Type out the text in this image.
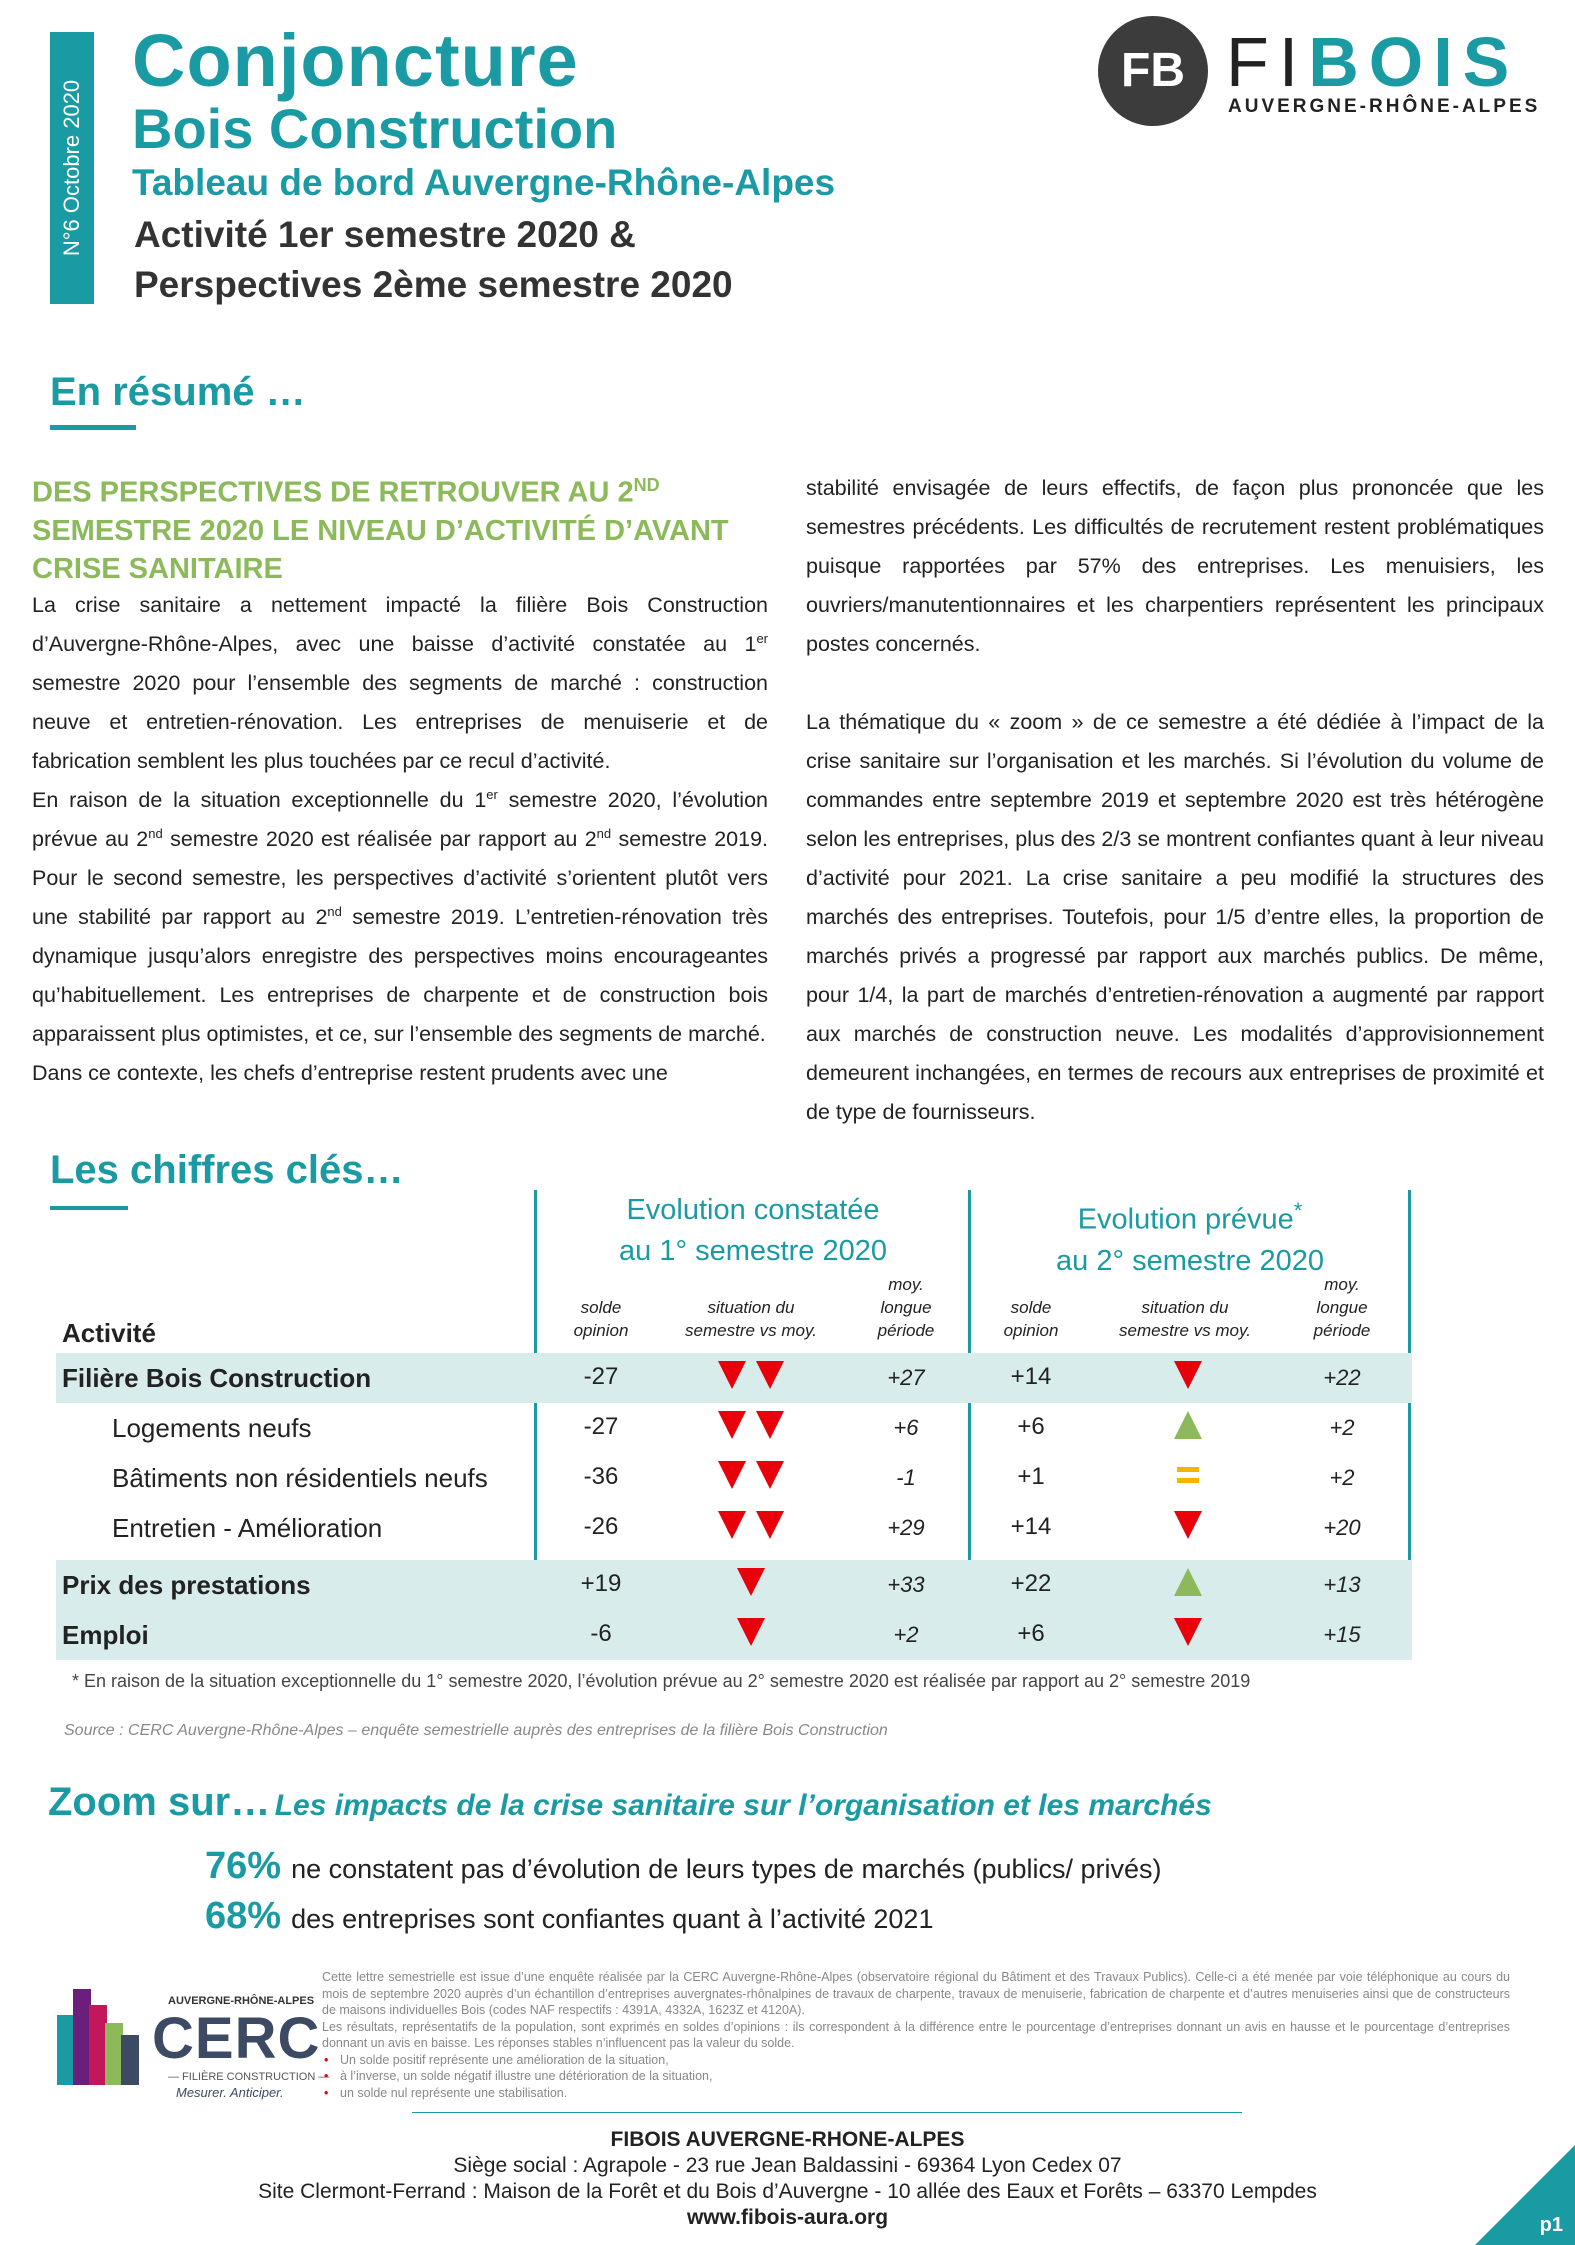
N°6 Octobre 2020
Conjoncture
Bois Construction
Tableau de bord Auvergne-Rhône-Alpes
Activité 1er semestre 2020 &
Perspectives 2ème semestre 2020
FB FIBOIS
AUVERGNE-RHÔNE-ALPES
En résumé …
DES PERSPECTIVES DE RETROUVER AU 2ND
SEMESTRE 2020 LE NIVEAU D’ACTIVITÉ D’AVANT CRISE SANITAIRE

La crise sanitaire a nettement impacté la filière Bois Construction d’Auvergne-Rhône-Alpes, avec une baisse d’activité constatée au 1er semestre 2020 pour l’ensemble des segments de marché : construction neuve et entretien-rénovation. Les entreprises de menuiserie et de fabrication semblent les plus touchées par ce recul d’activité.

En raison de la situation exceptionnelle du 1er semestre 2020, l’évolution prévue au 2nd semestre 2020 est réalisée par rapport au 2nd semestre 2019. Pour le second semestre, les perspectives d’activité s’orientent plutôt vers une stabilité par rapport au 2nd semestre 2019. L’entretien-rénovation très dynamique jusqu’alors enregistre des perspectives moins encourageantes qu’habituellement. Les entreprises de charpente et de construction bois apparaissent plus optimistes, et ce, sur l’ensemble des segments de marché.

Dans ce contexte, les chefs d’entreprise restent prudents avec une

stabilité envisagée de leurs effectifs, de façon plus prononcée que les semestres précédents. Les difficultés de recrutement restent problématiques puisque rapportées par 57% des entreprises. Les menuisiers, les ouvriers/manutentionnaires et les charpentiers représentent les principaux postes concernés.

La thématique du « zoom » de ce semestre a été dédiée à l’impact de la crise sanitaire sur l’organisation et les marchés. Si l’évolution du volume de commandes entre septembre 2019 et septembre 2020 est très hétérogène selon les entreprises, plus des 2/3 se montrent confiantes quant à leur niveau d’activité pour 2021. La crise sanitaire a peu modifié la structures des marchés des entreprises. Toutefois, pour 1/5 d’entre elles, la proportion de marchés privés a progressé par rapport aux marchés publics. De même, pour 1/4, la part de marchés d’entretien-rénovation a augmenté par rapport aux marchés de construction neuve. Les modalités d’approvisionnement demeurent inchangées, en termes de recours aux entreprises de proximité et de type de fournisseurs.

Les chiffres clés…
Evolution constatée
au 1° semestre 2020
Evolution prévue*
au 2° semestre 2020
solde
opinion
situation du
semestre vs moy.
moy.
longue
période
solde
opinion
situation du
semestre vs moy.
moy.
longue
période
Activité
Filière Bois Construction	-27	+27	+14	+22
Logements neufs	-27	+6	+6	+2
Bâtiments non résidentiels neufs	-36	-1	+1	+2
Entretien - Amélioration	-26	+29	+14	+20
Prix des prestations	+19	+33	+22	+13
Emploi	-6	+2	+6	+15
* En raison de la situation exceptionnelle du 1° semestre 2020, l’évolution prévue au 2° semestre 2020 est réalisée par rapport au 2° semestre 2019
Source : CERC Auvergne-Rhône-Alpes – enquête semestrielle auprès des entreprises de la filière Bois Construction
Zoom sur… Les impacts de la crise sanitaire sur l’organisation et les marchés
76% ne constatent pas d’évolution de leurs types de marchés (publics/ privés)
68% des entreprises sont confiantes quant à l’activité 2021
AUVERGNE-RHÔNE-ALPES
CERC
— FILIÈRE CONSTRUCTION —
Mesurer. Anticiper.

Cette lettre semestrielle est issue d’une enquête réalisée par la CERC Auvergne-Rhône-Alpes (observatoire régional du Bâtiment et des Travaux Publics). Celle-ci a été menée par voie téléphonique au cours du mois de septembre 2020 auprès d’un échantillon d’entreprises auvergnates-rhônalpines de travaux de charpente, travaux de menuiserie, fabrication de charpente et d’autres menuiseries ainsi que de constructeurs de maisons individuelles Bois (codes NAF respectifs : 4391A, 4332A, 1623Z et 4120A).

Les résultats, représentatifs de la population, sont exprimés en soldes d’opinions : ils correspondent à la différence entre le pourcentage d’entreprises donnant un avis en hausse et le pourcentage d’entreprises donnant un avis en baisse. Les réponses stables n’influencent pas la valeur du solde.

• Un solde positif représente une amélioration de la situation,
• à l’inverse, un solde négatif illustre une détérioration de la situation,
• un solde nul représente une stabilisation.
FIBOIS AUVERGNE-RHONE-ALPES
Siège social : Agrapole - 23 rue Jean Baldassini - 69364 Lyon Cedex 07
Site Clermont-Ferrand : Maison de la Forêt et du Bois d’Auvergne - 10 allée des Eaux et Forêts – 63370 Lempdes
www.fibois-aura.org	p1
